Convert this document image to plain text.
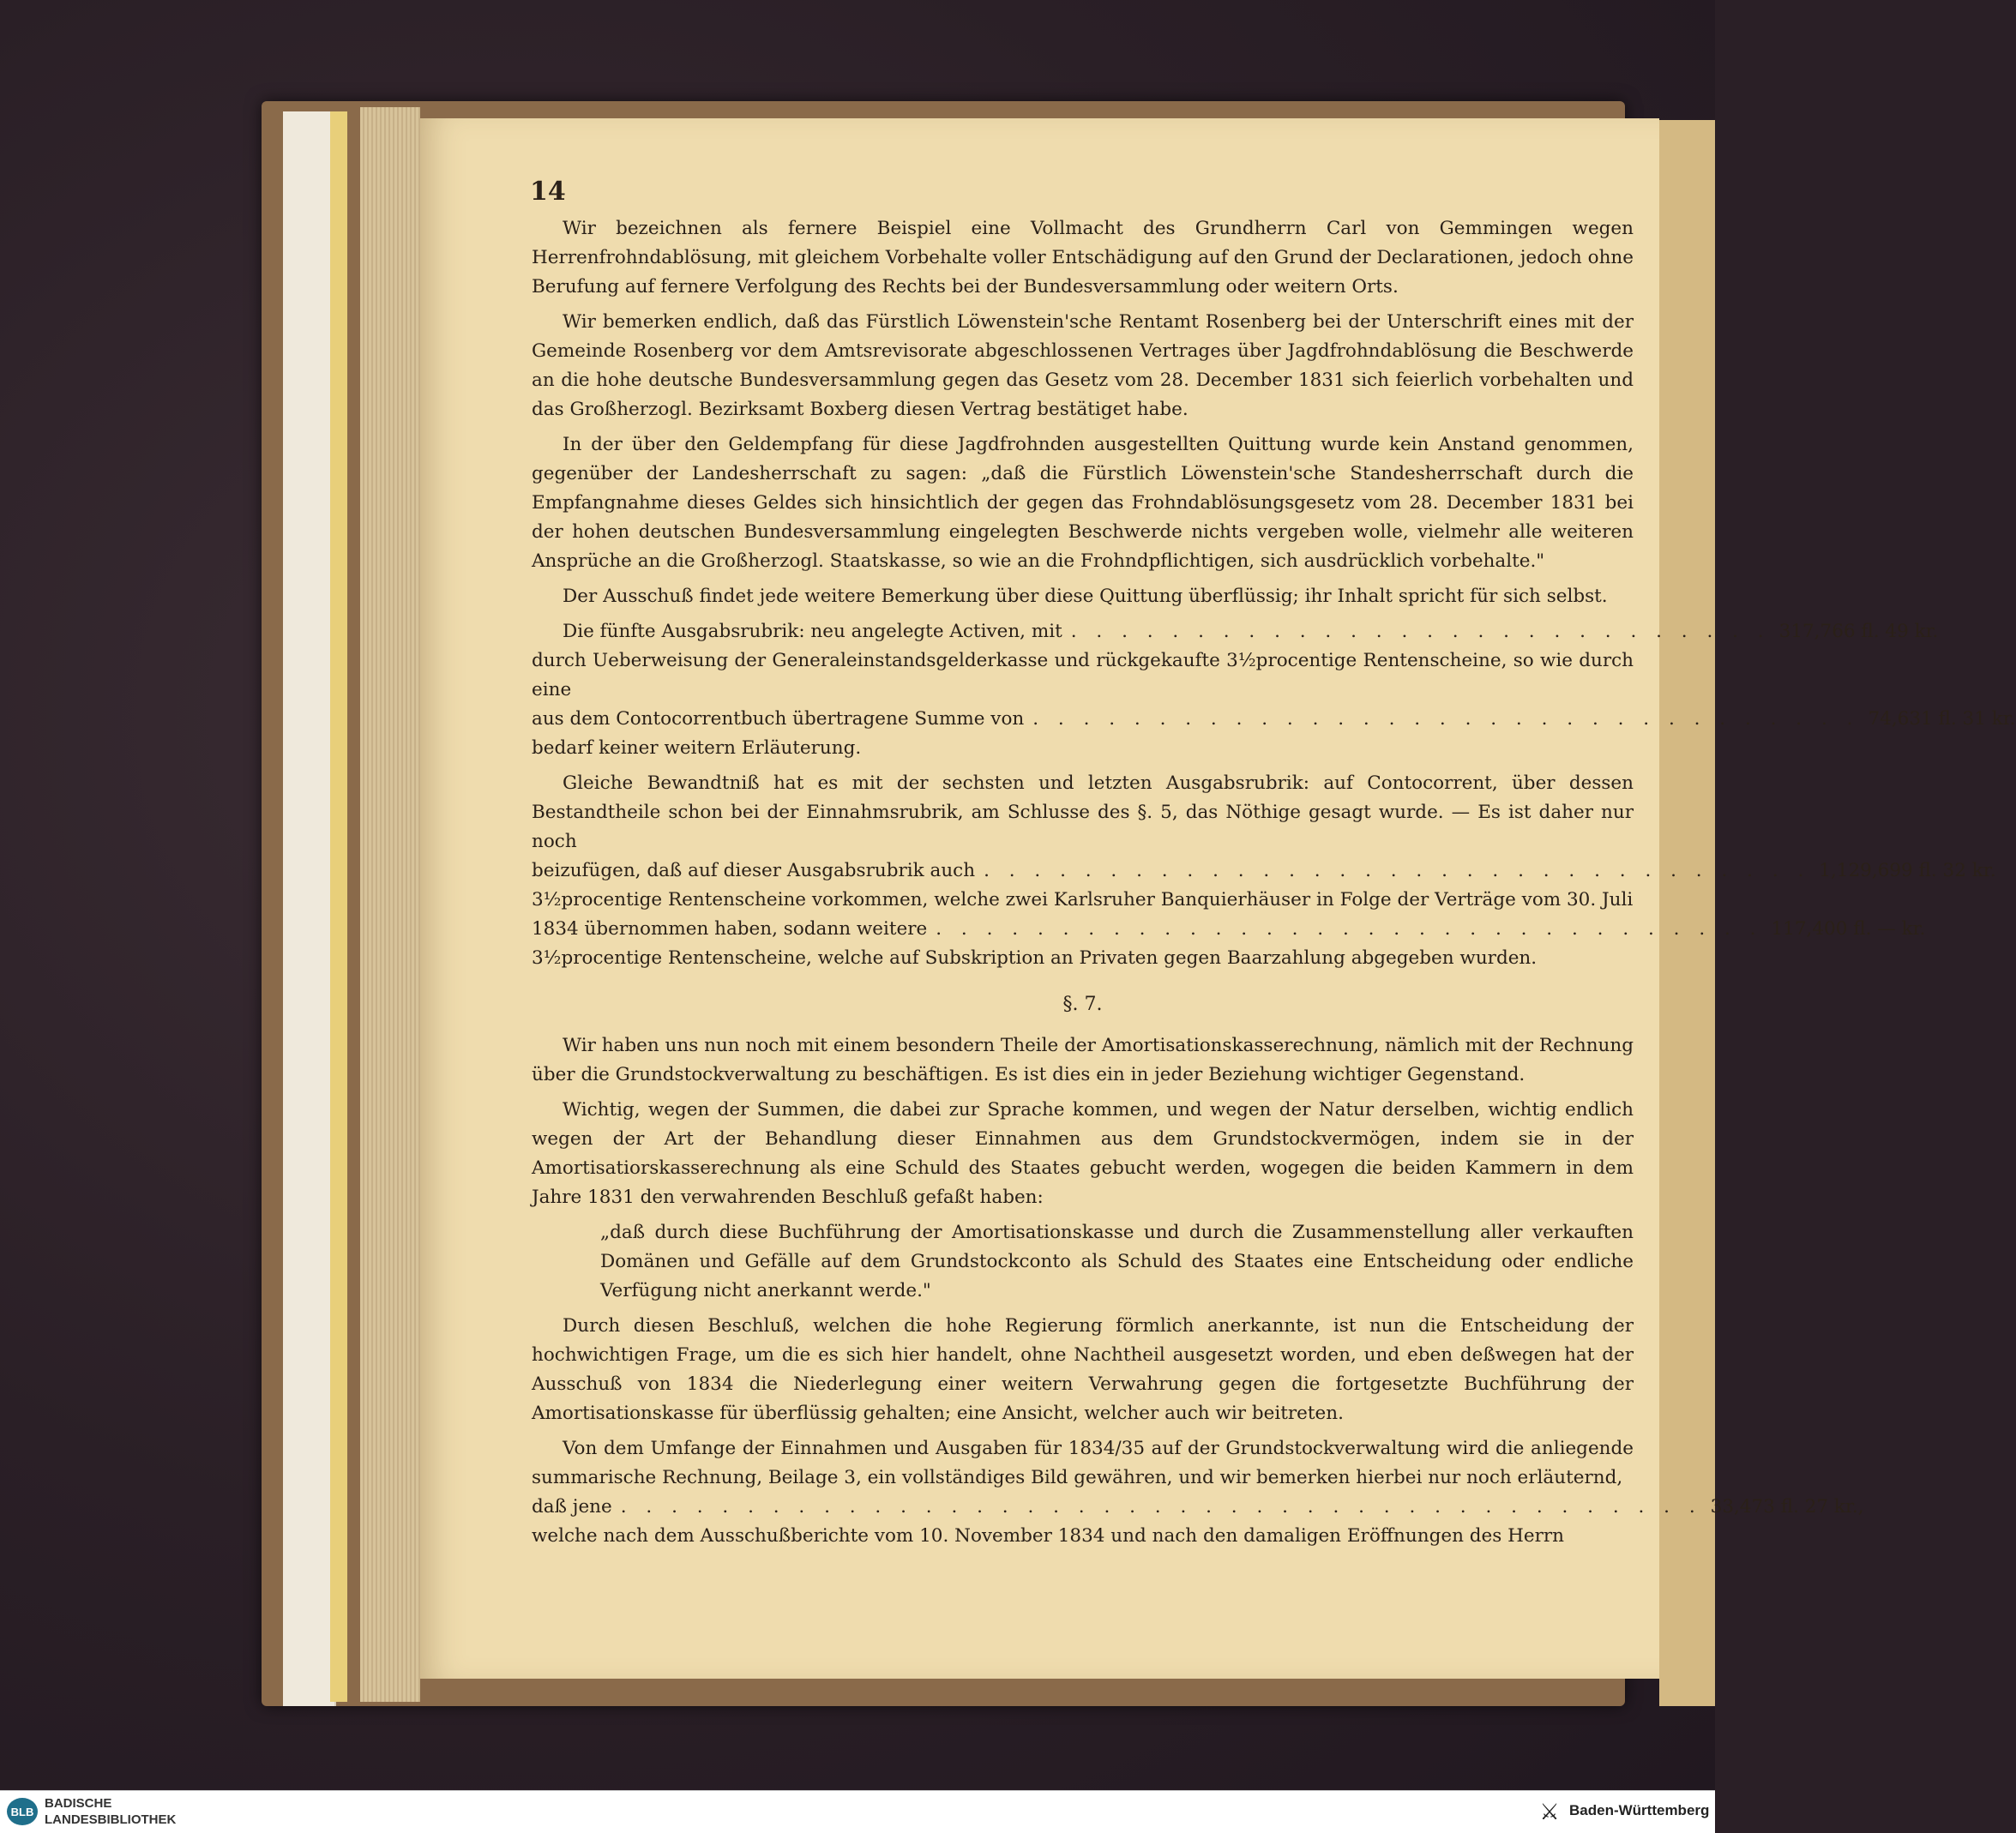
14

Wir bezeichnen als fernere Beispiel eine Vollmacht des Grundherrn Carl von Gemmingen wegen Herrenfrohndablösung, mit gleichem Vorbehalte voller Entschädigung auf den Grund der Declarationen, jedoch ohne Berufung auf fernere Verfolgung des Rechts bei der Bundesversammlung oder weitern Orts.

Wir bemerken endlich, daß das Fürstlich Löwenstein'sche Rentamt Rosenberg bei der Unterschrift eines mit der Gemeinde Rosenberg vor dem Amtsrevisorate abgeschlossenen Vertrages über Jagdfrohndablösung die Beschwerde an die hohe deutsche Bundesversammlung gegen das Gesetz vom 28. December 1831 sich feierlich vorbehalten und das Großherzogl. Bezirksamt Boxberg diesen Vertrag bestätiget habe.

In der über den Geldempfang für diese Jagdfrohnden ausgestellten Quittung wurde kein Anstand genommen, gegenüber der Landesherrschaft zu sagen: „daß die Fürstlich Löwenstein'sche Standesherrschaft durch die Empfangnahme dieses Geldes sich hinsichtlich der gegen das Frohndablösungsgesetz vom 28. December 1831 bei der hohen deutschen Bundesversammlung eingelegten Beschwerde nichts vergeben wolle, vielmehr alle weiteren Ansprüche an die Großherzogl. Staatskasse, so wie an die Frohndpflichtigen, sich ausdrücklich vorbehalte."

Der Ausschuß findet jede weitere Bemerkung über diese Quittung überflüssig; ihr Inhalt spricht für sich selbst.

Die fünfte Ausgabsrubrik: neu angelegte Activen, mit . . . . . . . . . . . . . . . . . . . . . . . . . . . . 317,766 fl. 49 kr.

durch Ueberweisung der Generaleinstandsgelderkasse und rückgekaufte 3½procentige Rentenscheine, so wie durch eine

aus dem Contocorrentbuch übertragene Summe von . . . . . . . . . . . . . . . . . . . . . . . . . . . . . . . . . 74,631 fl. 31 kr.

bedarf keiner weitern Erläuterung.

Gleiche Bewandtniß hat es mit der sechsten und letzten Ausgabsrubrik: auf Contocorrent, über dessen Bestandtheile schon bei der Einnahmsrubrik, am Schlusse des §. 5, das Nöthige gesagt wurde. — Es ist daher nur noch

beizufügen, daß auf dieser Ausgabsrubrik auch . . . . . . . . . . . . . . . . . . . . . . . . . . . . . . . . . 1,129,699 fl. 32 kr.

3½procentige Rentenscheine vorkommen, welche zwei Karlsruher Banquierhäuser in Folge der Verträge vom 30. Juli

1834 übernommen haben, sodann weitere . . . . . . . . . . . . . . . . . . . . . . . . . . . . . . . . . 117,400 fl. — kr.

3½procentige Rentenscheine, welche auf Subskription an Privaten gegen Baarzahlung abgegeben wurden.

§. 7.

Wir haben uns nun noch mit einem besondern Theile der Amortisationskasserechnung, nämlich mit der Rechnung über die Grundstockverwaltung zu beschäftigen. Es ist dies ein in jeder Beziehung wichtiger Gegenstand.

Wichtig, wegen der Summen, die dabei zur Sprache kommen, und wegen der Natur derselben, wichtig endlich wegen der Art der Behandlung dieser Einnahmen aus dem Grundstockvermögen, indem sie in der Amortisatiorskasserechnung als eine Schuld des Staates gebucht werden, wogegen die beiden Kammern in dem Jahre 1831 den verwahrenden Beschluß gefaßt haben:

„daß durch diese Buchführung der Amortisationskasse und durch die Zusammenstellung aller verkauften Domänen und Gefälle auf dem Grundstockconto als Schuld des Staates eine Entscheidung oder endliche Verfügung nicht anerkannt werde."

Durch diesen Beschluß, welchen die hohe Regierung förmlich anerkannte, ist nun die Entscheidung der hochwichtigen Frage, um die es sich hier handelt, ohne Nachtheil ausgesetzt worden, und eben deßwegen hat der Ausschuß von 1834 die Niederlegung einer weitern Verwahrung gegen die fortgesetzte Buchführung der Amortisationskasse für überflüssig gehalten; eine Ansicht, welcher auch wir beitreten.

Von dem Umfange der Einnahmen und Ausgaben für 1834/35 auf der Grundstockverwaltung wird die anliegende summarische Rechnung, Beilage 3, ein vollständiges Bild gewähren, und wir bemerken hierbei nur noch erläuternd,

daß jene . . . . . . . . . . . . . . . . . . . . . . . . . . . . . . . . . . . . . . . . . . . 33,473 fl. 27 kr.,

welche nach dem Ausschußberichte vom 10. November 1834 und nach den damaligen Eröffnungen des Herrn

BLB
BADISCHE
LANDESBIBLIOTHEK	⚔ Baden-Württemberg
